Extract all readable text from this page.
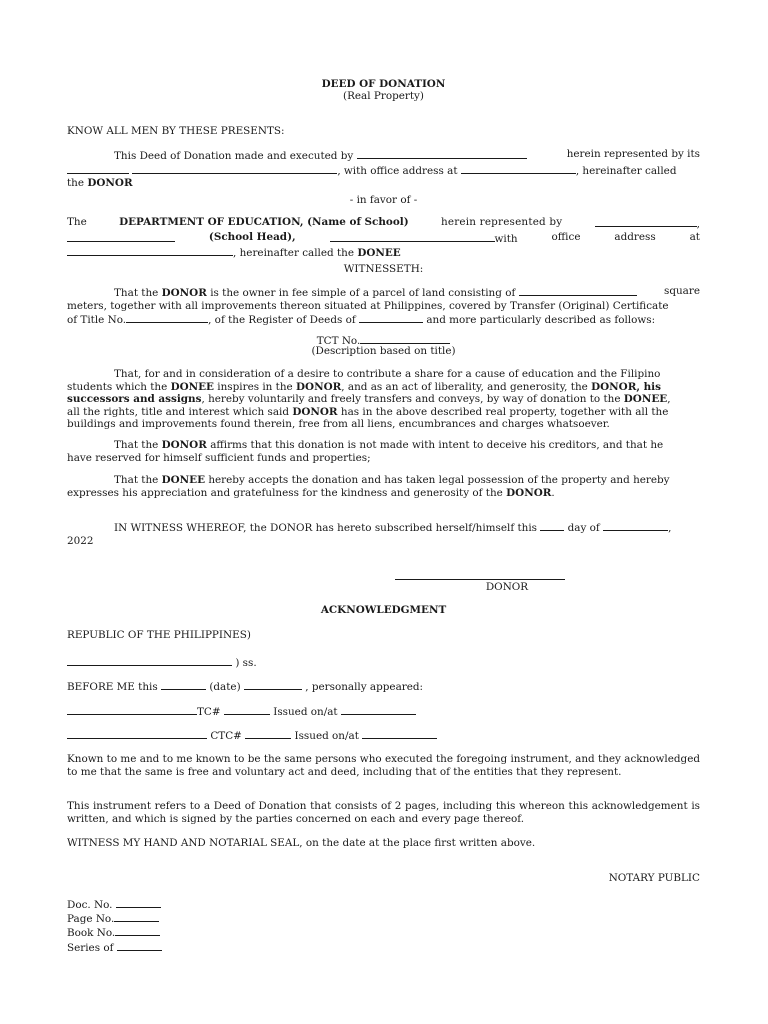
DEED OF DONATION
(Real Property)
KNOW ALL MEN BY THESE PRESENTS:
This Deed of Donation made and executed by	herein represented by its
, with office address at	, hereinafter called
the DONOR
- in favor of -
The	DEPARTMENT OF EDUCATION, (Name of School)	herein represented by	,
(School Head),	with	office	address	at
, hereinafter called the DONEE
WITNESSETH:
That the DONOR is the owner in fee simple of a parcel of land consisting of	square
meters, together with all improvements thereon situated at Philippines, covered by Transfer (Original) Certificate
of Title No.	, of the Register of Deeds of	and more particularly described as follows:
TCT No.
(Description based on title)
That, for and in consideration of a desire to contribute a share for a cause of education and the Filipino
students which the DONEE inspires in the DONOR, and as an act of liberality, and generosity, the DONOR, his
successors and assigns, hereby voluntarily and freely transfers and conveys, by way of donation to the DONEE,
all the rights, title and interest which said DONOR has in the above described real property, together with all the
buildings and improvements found therein, free from all liens, encumbrances and charges whatsoever.
That the DONOR affirms that this donation is not made with intent to deceive his creditors, and that he
have reserved for himself sufficient funds and properties;
That the DONEE hereby accepts the donation and has taken legal possession of the property and hereby
expresses his appreciation and gratefulness for the kindness and generosity of the DONOR.
IN WITNESS WHEREOF, the DONOR has hereto subscribed herself/himself this	day of	,
2022
DONOR
ACKNOWLEDGMENT
REPUBLIC OF THE PHILIPPINES)
) ss.
BEFORE ME this	(date)	, personally appeared:
TC#	Issued on/at
CTC#	Issued on/at
Known to me and to me known to be the same persons who executed the foregoing instrument, and they acknowledged to me that the same is free and voluntary act and deed, including that of the entities that they represent.
This instrument refers to a Deed of Donation that consists of 2 pages, including this whereon this acknowledgement is written, and which is signed by the parties concerned on each and every page thereof.
WITNESS MY HAND AND NOTARIAL SEAL, on the date at the place first written above.
NOTARY PUBLIC
Doc. No.
Page No.
Book No.
Series of
